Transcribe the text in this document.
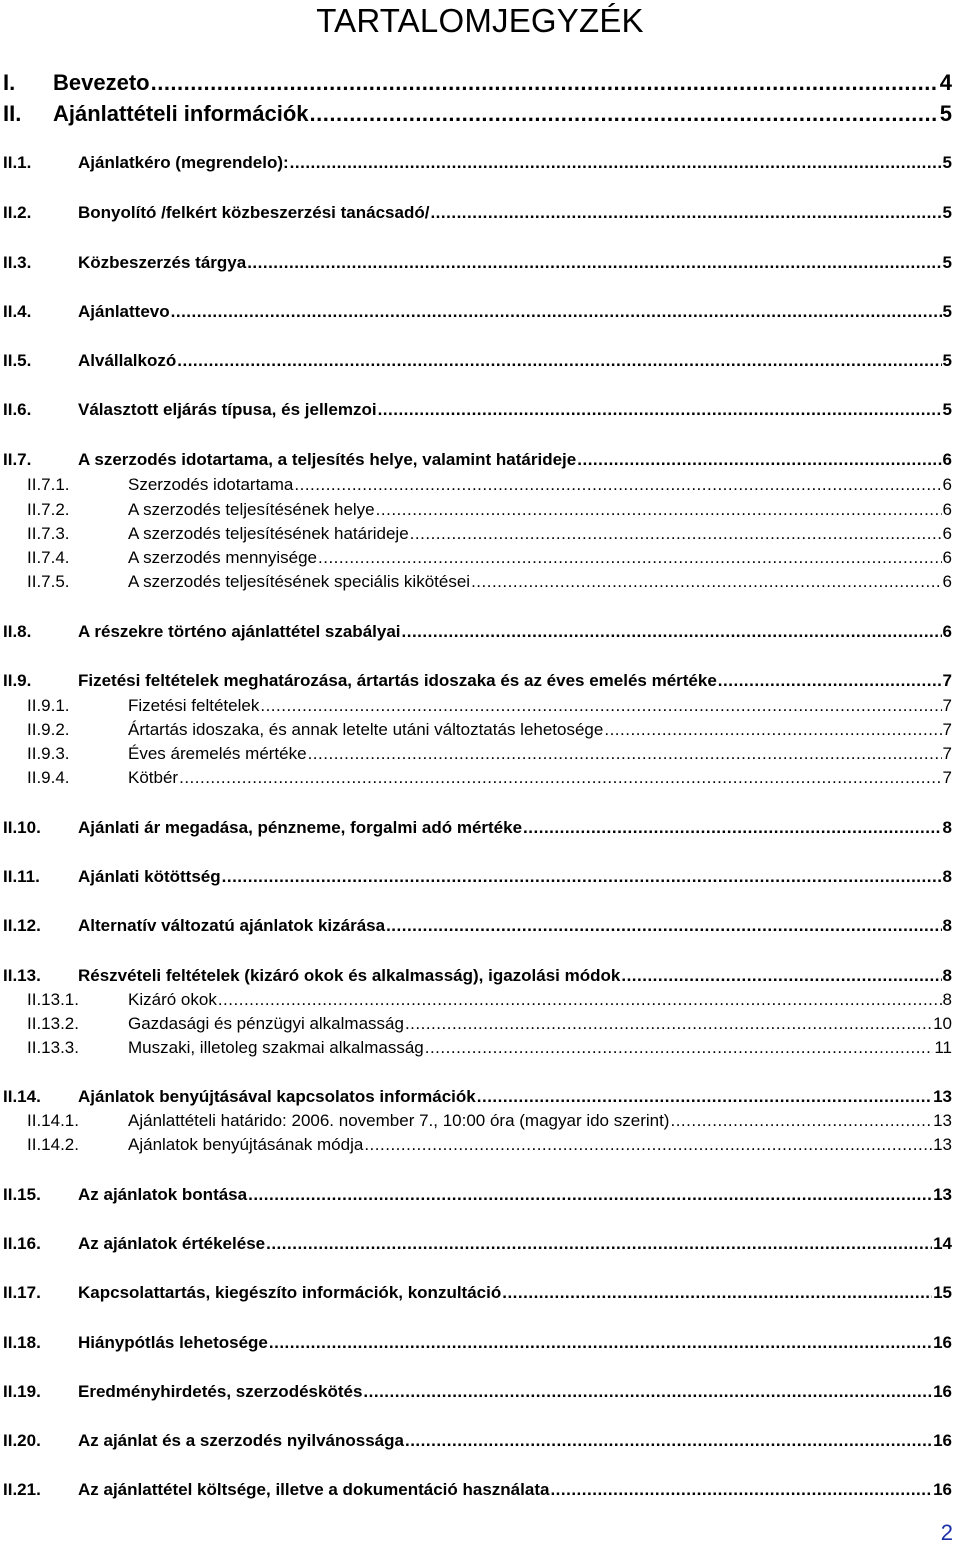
TARTALOMJEGYZÉK
I. Bevezeto .....	4
II. Ajánlattételi információk .....	5
II.1.	Ajánlatkéro (megrendelo): .....	5
II.2.	Bonyolító /felkért közbeszerzési tanácsadó/ .....	5
II.3.	Közbeszerzés tárgya .....	5
II.4.	Ajánlattevo .....	5
II.5.	Alvállalkozó .....	5
II.6.	Választott eljárás típusa, és jellemzoi .....	5
II.7.	A szerzodés idotartama, a teljesítés helye, valamint határideje .....	6
II.7.1.	Szerzodés idotartama .....	6
II.7.2.	A szerzodés teljesítésének helye .....	6
II.7.3.	A szerzodés teljesítésének határideje .....	6
II.7.4.	A szerzodés mennyisége .....	6
II.7.5.	A szerzodés teljesítésének speciális kikötései .....	6
II.8.	A részekre történo ajánlattétel szabályai .....	6
II.9.	Fizetési feltételek meghatározása, ártartás idoszaka és az éves emelés mértéke .....	7
II.9.1.	Fizetési feltételek .....	7
II.9.2.	Ártartás idoszaka, és annak letelte utáni változtatás lehetosége .....	7
II.9.3.	Éves áremelés mértéke .....	7
II.9.4.	Kötbér .....	7
II.10. Ajánlati ár megadása, pénzneme, forgalmi adó mértéke .....	8
II.11. Ajánlati kötöttség .....	8
II.12. Alternatív változatú ajánlatok kizárása .....	8
II.13. Részvételi feltételek (kizáró okok és alkalmasság), igazolási módok .....	8
II.13.1.	Kizáró okok .....	8
II.13.2.	Gazdasági és pénzügyi alkalmasság .....	10
II.13.3.	Muszaki, illetoleg szakmai alkalmasság .....	11
II.14. Ajánlatok benyújtásával kapcsolatos információk .....	13
II.14.1.	Ajánlattételi határido: 2006. november 7., 10:00 óra (magyar ido szerint) .....	13
II.14.2.	Ajánlatok benyújtásának módja .....	13
II.15. Az ajánlatok bontása .....	13
II.16. Az ajánlatok értékelése .....	14
II.17. Kapcsolattartás, kiegészíto információk, konzultáció .....	15
II.18. Hiánypótlás lehetosége .....	16
II.19. Eredményhirdetés, szerzodéskötés .....	16
II.20. Az ajánlat és a szerzodés nyilvánossága .....	16
II.21. Az ajánlattétel költsége, illetve a dokumentáció használata .....	16
2
